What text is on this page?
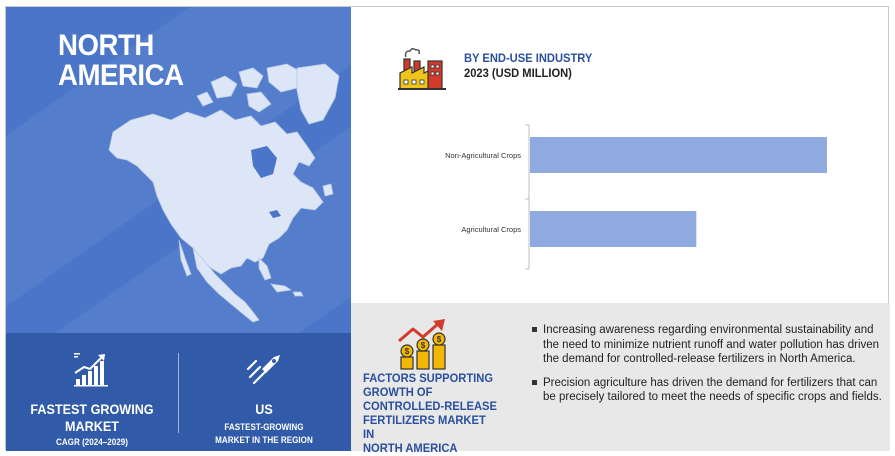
NORTH
AMERICA
FASTEST GROWING
MARKET
CAGR (2024–2029)
US
FASTEST-GROWING
MARKET IN THE REGION
BY END-USE INDUSTRY
2023 (USD MILLION)
Non-Agricultural Crops
Agricultural Crops
$
$
$
FACTORS SUPPORTING
GROWTH OF
CONTROLLED-RELEASE
FERTILIZERS MARKET IN
NORTH AMERICA
Increasing awareness regarding environmental sustainability and the need to minimize nutrient runoff and water pollution has driven the demand for controlled-release fertilizers in North America.
Precision agriculture has driven the demand for fertilizers that can be precisely tailored to meet the needs of specific crops and fields.
